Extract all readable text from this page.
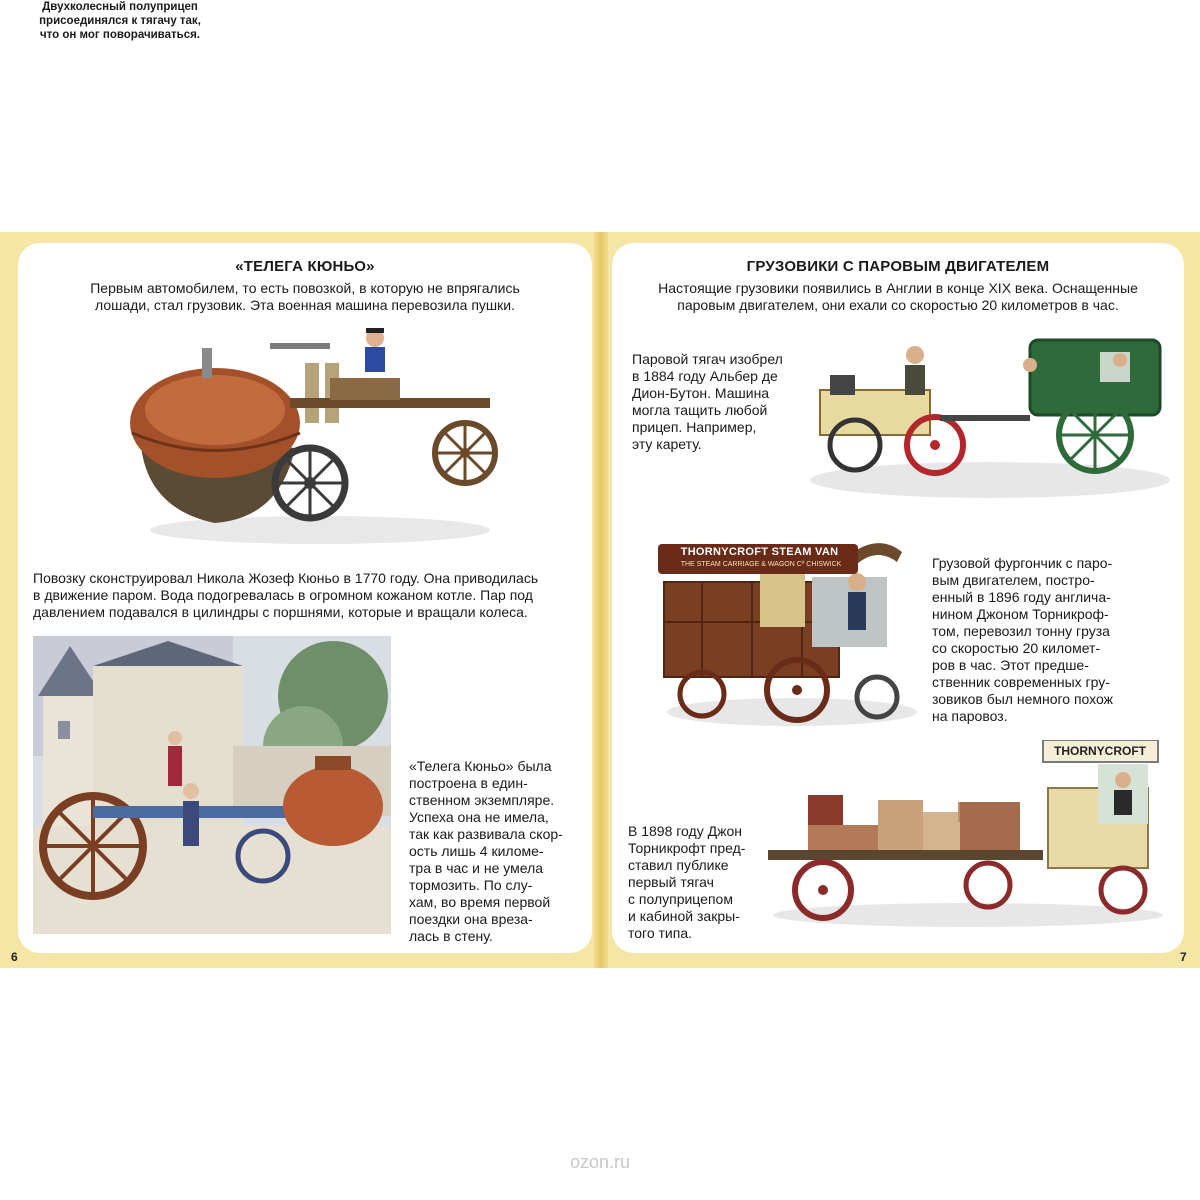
«ТЕЛЕГА КЮНЬО»
Первым автомобилем, то есть повозкой, в которую не впрягались
лошади, стал грузовик. Эта военная машина перевозила пушки.
Повозку сконструировал Никола Жозеф Кюньо в 1770 году. Она приводилась
в движение паром. Вода подогревалась в огромном кожаном котле. Пар под
давлением подавался в цилиндры с поршнями, которые и вращали колеса.
«Телега Кюньо» была
построена в един-
ственном экземпляре.
Успеха она не имела,
так как развивала скор-
ость лишь 4 киломе-
тра в час и не умела
тормозить. По слу-
хам, во время первой
поездки она вреза-
лась в стену.
6
ГРУЗОВИКИ С ПАРОВЫМ ДВИГАТЕЛЕМ
Настоящие грузовики появились в Англии в конце XIX века. Оснащенные
паровым двигателем, они ехали со скоростью 20 километров в час.
Паровой тягач изобрел
в 1884 году Альбер де
Дион-Бутон. Машина
могла тащить любой
прицеп. Например,
эту карету.
THORNYCROFT STEAM VAN
THE STEAM CARRIAGE & WAGON Cº CHISWICK	Грузовой фургончик с паро-
вым двигателем, постро-
енный в 1896 году англича-
нином Джоном Торникроф-
том, перевозил тонну груза
со скоростью 20 километ-
ров в час. Этот предше-
ственник современных гру-
зовиков был немного похож
на паровоз.
Двухколесный полуприцеп
присоединялся к тягачу так,
что он мог поворачиваться.
В 1898 году Джон
Торникрофт пред-
ставил публике
первый тягач
с полуприцепом
и кабиной закры-
того типа.
THORNYCROFT
7
ozon.ru
